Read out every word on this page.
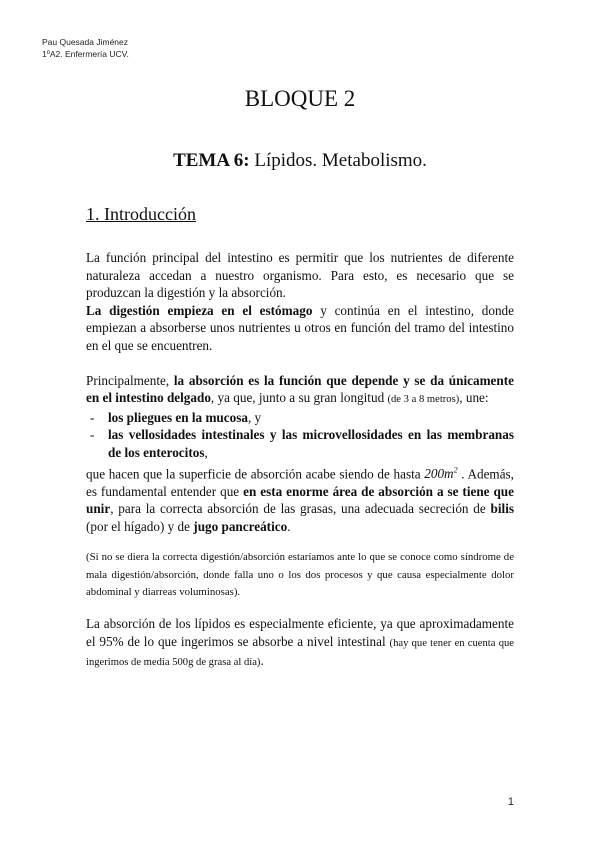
Pau Quesada Jiménez
1ºA2. Enfermería UCV.
BLOQUE 2
TEMA 6: Lípidos. Metabolismo.
1. Introducción

La función principal del intestino es permitir que los nutrientes de diferente naturaleza accedan a nuestro organismo. Para esto, es necesario que se produzcan la digestión y la absorción.

La digestión empieza en el estómago y continúa en el intestino, donde empiezan a absorberse unos nutrientes u otros en función del tramo del intestino en el que se encuentren.

Principalmente, la absorción es la función que depende y se da únicamente en el intestino delgado, ya que, junto a su gran longitud (de 3 a 8 metros), une:

- los pliegues en la mucosa, y
- las vellosidades intestinales y las microvellosidades en las membranas de los enterocitos,

que hacen que la superficie de absorción acabe siendo de hasta $200m^2$ . Además, es fundamental entender que en esta enorme área de absorción a se tiene que unir, para la correcta absorción de las grasas, una adecuada secreción de bilis (por el hígado) y de jugo pancreático.

(Si no se diera la correcta digestión/absorción estaríamos ante lo que se conoce como síndrome de mala digestión/absorción, donde falla uno o los dos procesos y que causa especialmente dolor abdominal y diarreas voluminosas).

La absorción de los lípidos es especialmente eficiente, ya que aproximadamente el 95% de lo que ingerimos se absorbe a nivel intestinal (hay que tener en cuenta que ingerimos de media 500g de grasa al día).

1
